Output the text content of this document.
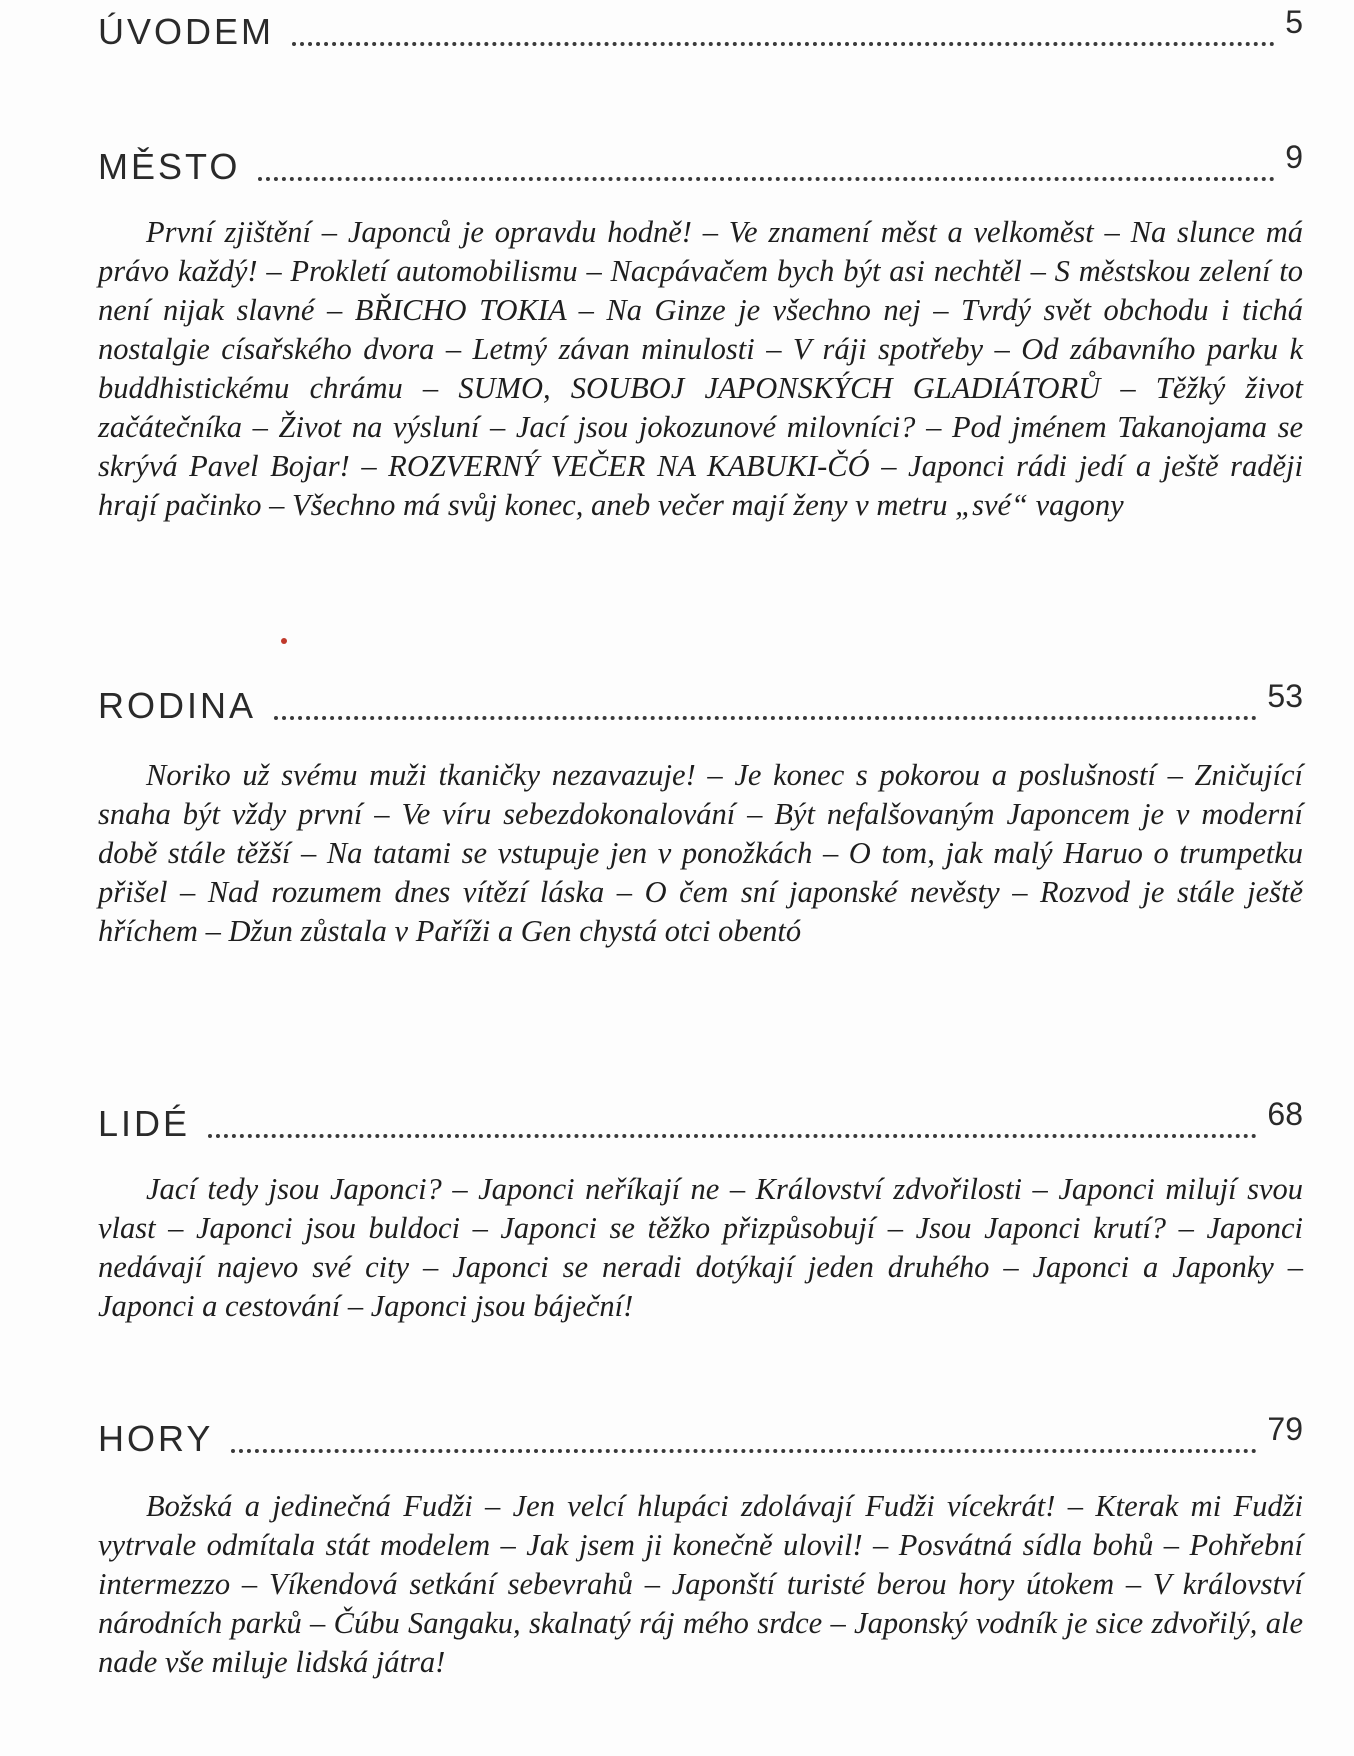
ÚVODEM	5
MĚSTO	9

První zjištění – Japonců je opravdu hodně! – Ve znamení měst a velkoměst – Na slunce má právo každý! – Prokletí automobilismu – Nacpávačem bych být asi nechtěl – S městskou zelení to není nijak slavné – BŘICHO TOKIA – Na Ginze je všechno nej – Tvrdý svět obchodu i tichá nostalgie císařského dvora – Letmý závan minulosti – V ráji spotřeby – Od zábavního parku k buddhistickému chrámu – SUMO, SOUBOJ JAPONSKÝCH GLADIÁTORŮ – Těžký život začátečníka – Život na výsluní – Jací jsou jokozunové milovníci? – Pod jménem Takanojama se skrývá Pavel Bojar! – ROZVERNÝ VEČER NA KABUKI-ČÓ – Japonci rádi jedí a ještě raději hrají pačinko – Všechno má svůj konec, aneb večer mají ženy v metru „své“ vagony

RODINA	53

Noriko už svému muži tkaničky nezavazuje! – Je konec s pokorou a poslušností – Zničující snaha být vždy první – Ve víru sebezdokonalování – Být nefalšovaným Japoncem je v moderní době stále těžší – Na tatami se vstupuje jen v ponožkách – O tom, jak malý Haruo o trumpetku přišel – Nad rozumem dnes vítězí láska – O čem sní japonské nevěsty – Rozvod je stále ještě hříchem – Džun zůstala v Paříži a Gen chystá otci obentó

LIDÉ	68

Jací tedy jsou Japonci? – Japonci neříkají ne – Království zdvořilosti – Japonci milují svou vlast – Japonci jsou buldoci – Japonci se těžko přizpůsobují – Jsou Japonci krutí? – Japonci nedávají najevo své city – Japonci se neradi dotýkají jeden druhého – Japonci a Japonky – Japonci a cestování – Japonci jsou báječní!

HORY	79

Božská a jedinečná Fudži – Jen velcí hlupáci zdolávají Fudži vícekrát! – Kterak mi Fudži vytrvale odmítala stát modelem – Jak jsem ji konečně ulovil! – Posvátná sídla bohů – Pohřební intermezzo – Víkendová setkání sebevrahů – Japonští turisté berou hory útokem – V království národních parků – Čúbu Sangaku, skalnatý ráj mého srdce – Japonský vodník je sice zdvořilý, ale nade vše miluje lidská játra!
